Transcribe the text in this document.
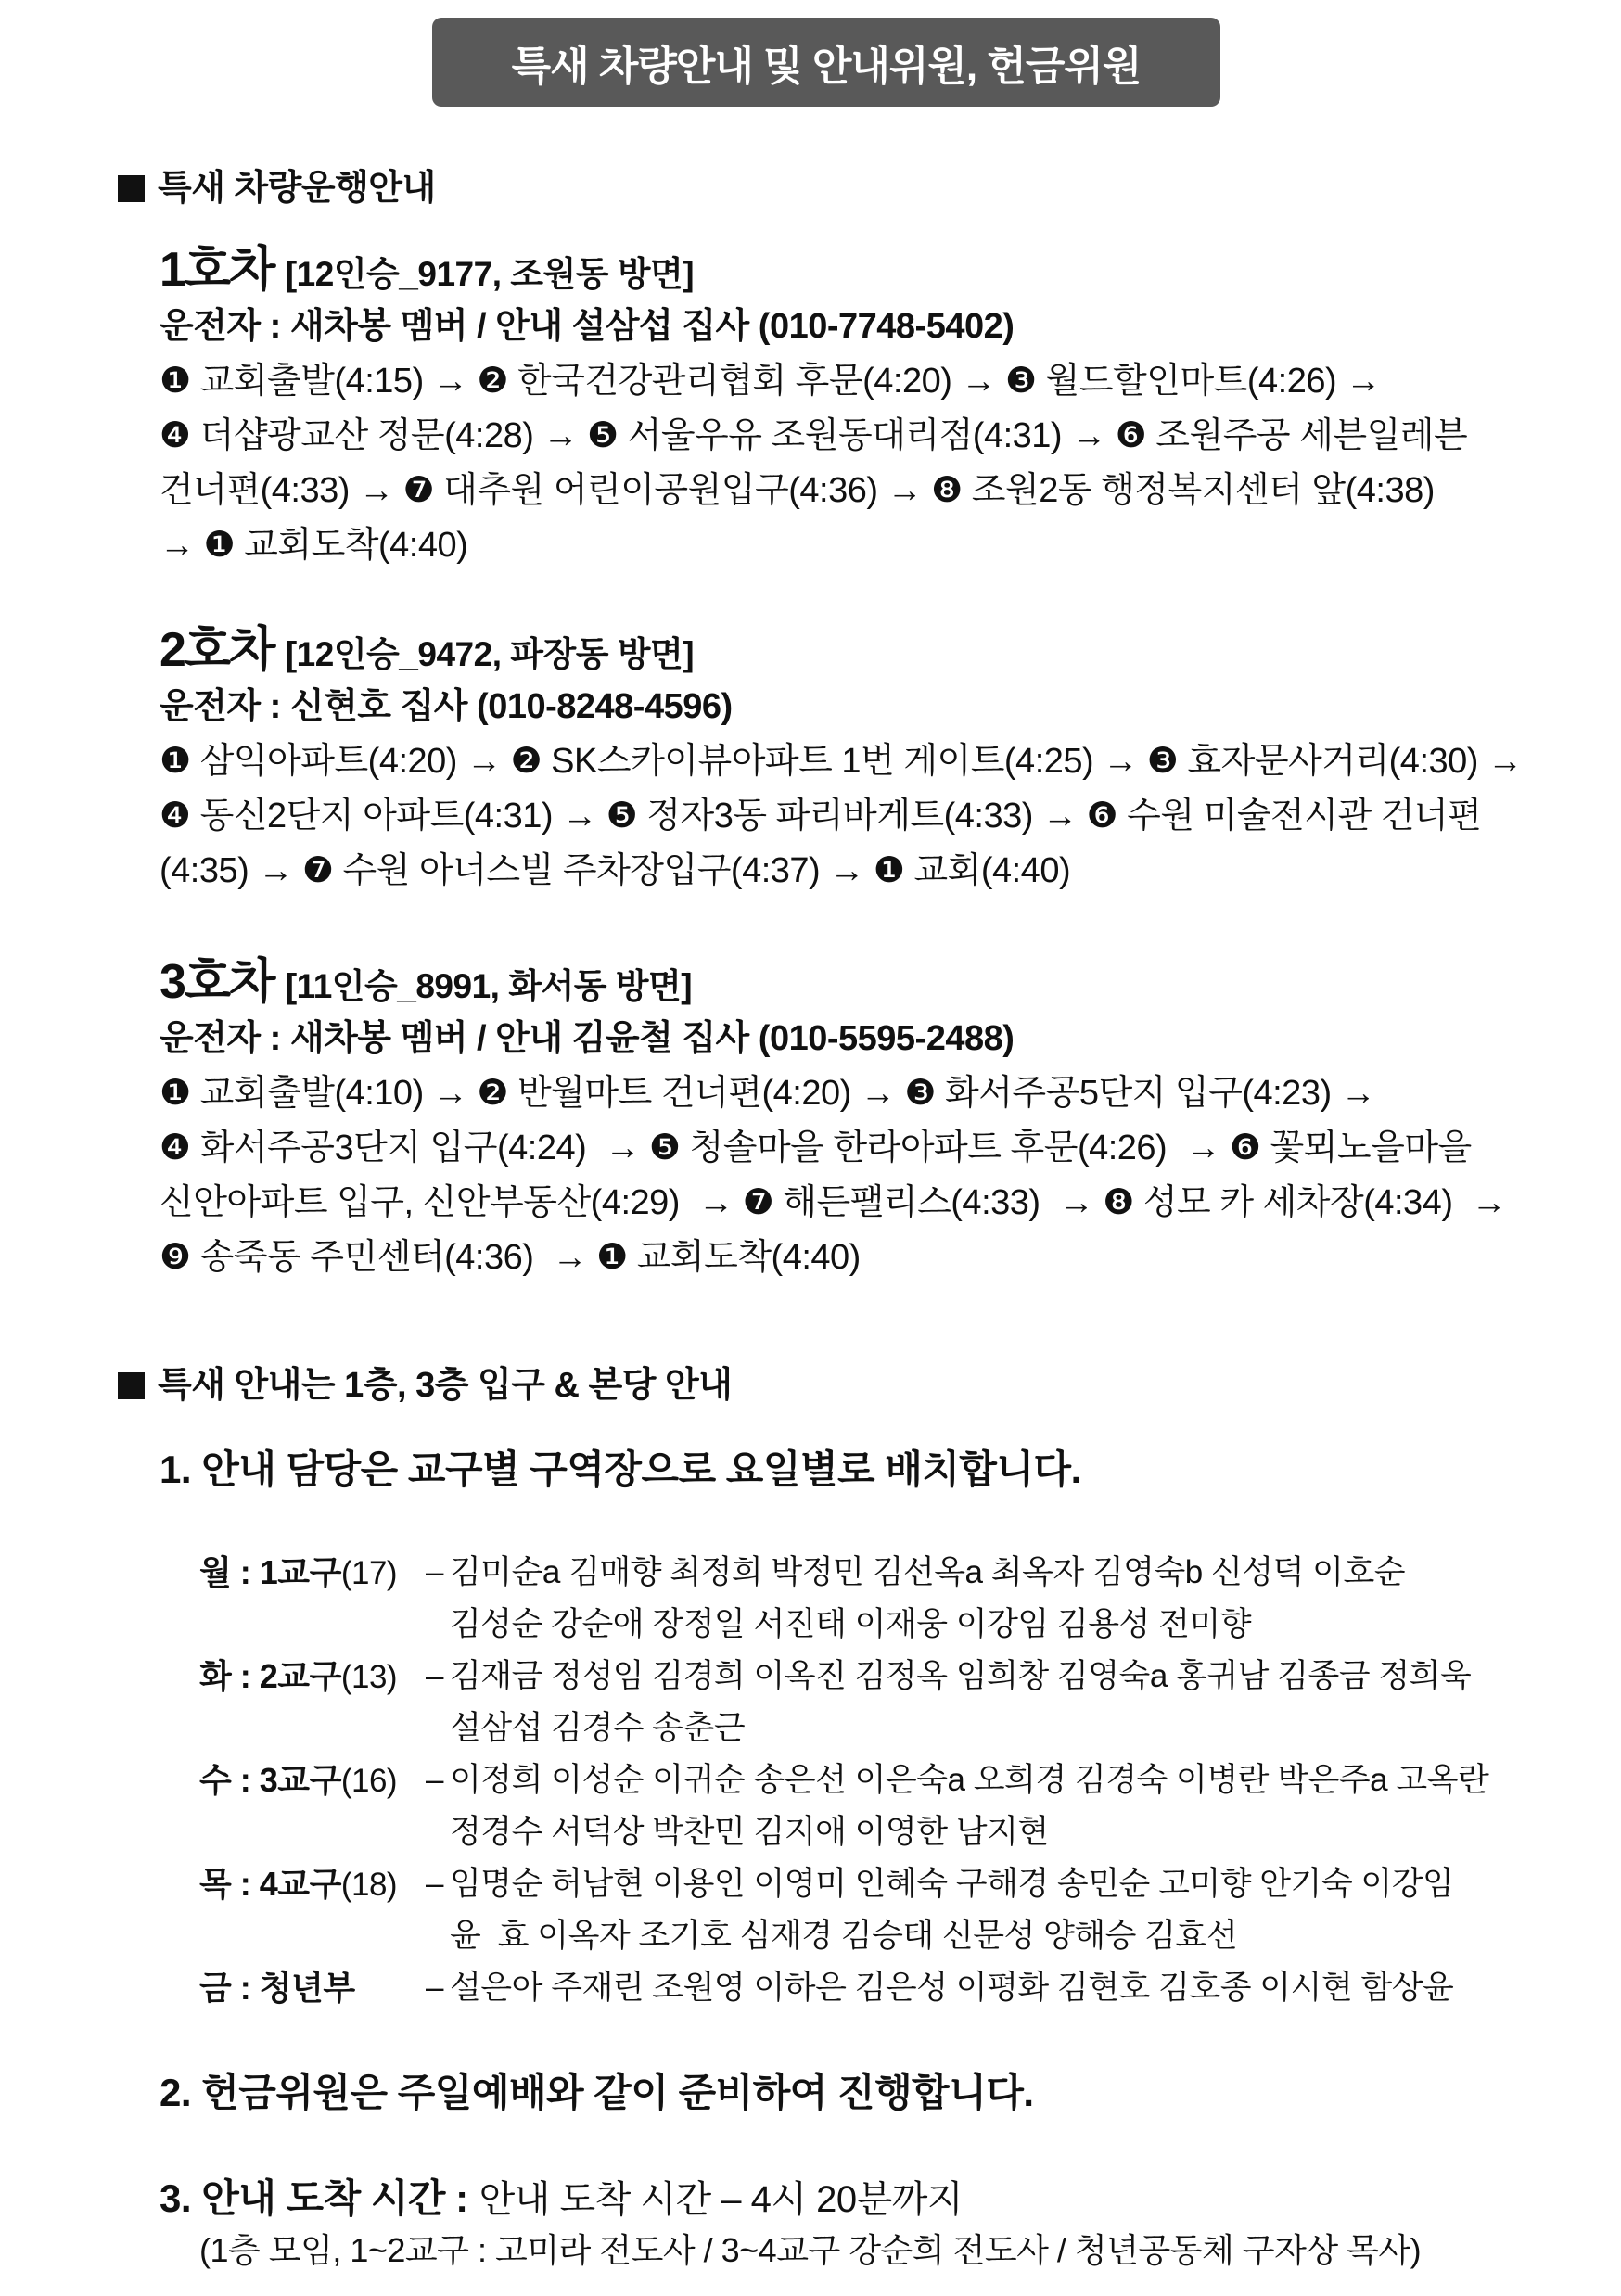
특새 차량안내 및 안내위원, 헌금위원
특새 차량운행안내
1호차 [12인승_9177, 조원동 방면]
운전자 : 새차봉 멤버 / 안내 설삼섭 집사 (010-7748-5402)
❶ 교회출발(4:15) → ❷ 한국건강관리협회 후문(4:20) → ❸ 월드할인마트(4:26) →
❹ 더샵광교산 정문(4:28) → ❺ 서울우유 조원동대리점(4:31) → ❻ 조원주공 세븐일레븐
건너편(4:33) → ❼ 대추원 어린이공원입구(4:36) → ❽ 조원2동 행정복지센터 앞(4:38)
→ ❶ 교회도착(4:40)
2호차 [12인승_9472, 파장동 방면]
운전자 : 신현호 집사 (010-8248-4596)
❶ 삼익아파트(4:20) → ❷ SK스카이뷰아파트 1번 게이트(4:25) → ❸ 효자문사거리(4:30) →
❹ 동신2단지 아파트(4:31) → ❺ 정자3동 파리바게트(4:33) → ❻ 수원 미술전시관 건너편
(4:35) → ❼ 수원 아너스빌 주차장입구(4:37) → ❶ 교회(4:40)
3호차 [11인승_8991, 화서동 방면]
운전자 : 새차봉 멤버 / 안내 김윤철 집사 (010-5595-2488)
❶ 교회출발(4:10) → ❷ 반월마트 건너편(4:20) → ❸ 화서주공5단지 입구(4:23) →
❹ 화서주공3단지 입구(4:24)  → ❺ 청솔마을 한라아파트 후문(4:26)  → ❻ 꽃뫼노을마을
신안아파트 입구, 신안부동산(4:29)  → ❼ 해든팰리스(4:33)  → ❽ 성모 카 세차장(4:34)  →
❾ 송죽동 주민센터(4:36)  → ❶ 교회도착(4:40)
특새 안내는 1층, 3층 입구 & 본당 안내
1. 안내 담당은 교구별 구역장으로 요일별로 배치합니다.
월 : 1교구(17) – 김미순a 김매향 최정희 박정민 김선옥a 최옥자 김영숙b 신성덕 이호순
김성순 강순애 장정일 서진태 이재웅 이강임 김용성 전미향
화 : 2교구(13) – 김재금 정성임 김경희 이옥진 김정옥 임희창 김영숙a 홍귀남 김종금 정희욱
설삼섭 김경수 송춘근
수 : 3교구(16) – 이정희 이성순 이귀순 송은선 이은숙a 오희경 김경숙 이병란 박은주a 고옥란
정경수 서덕상 박찬민 김지애 이영한 남지현
목 : 4교구(18) – 임명순 허남현 이용인 이영미 인혜숙 구해경 송민순 고미향 안기숙 이강임
윤  효 이옥자 조기호 심재경 김승태 신문성 양해승 김효선
금 : 청년부	– 설은아 주재린 조원영 이하은 김은성 이평화 김현호 김호종 이시현 함상윤
2. 헌금위원은 주일예배와 같이 준비하여 진행합니다.
3. 안내 도착 시간 : 안내 도착 시간 – 4시 20분까지
(1층 모임, 1~2교구 : 고미라 전도사 / 3~4교구 강순희 전도사 / 청년공동체 구자상 목사)
